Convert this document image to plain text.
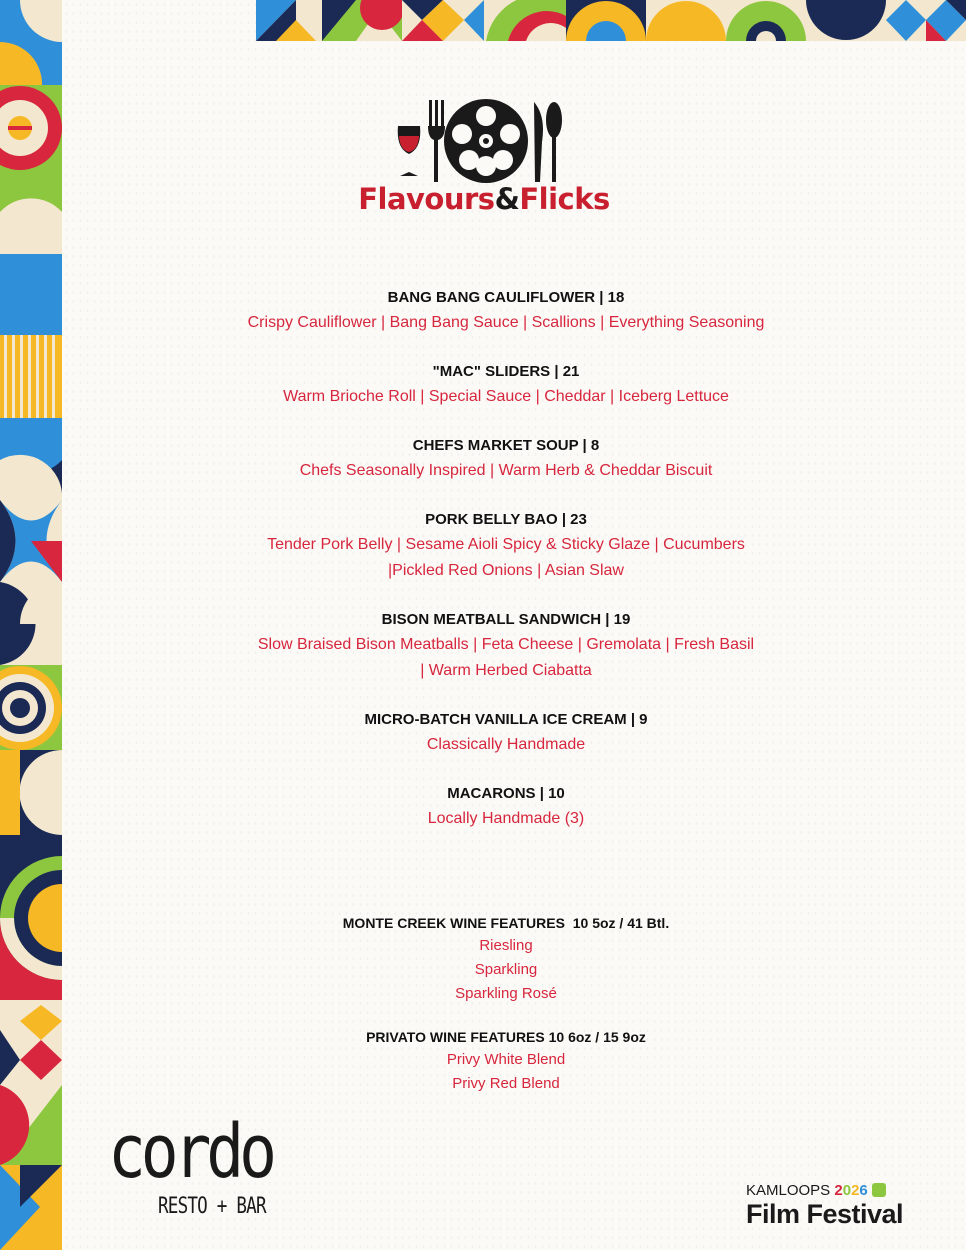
Flavours&Flicks
BANG BANG CAULIFLOWER | 18
Crispy Cauliflower | Bang Bang Sauce | Scallions | Everything Seasoning
"MAC" SLIDERS | 21
Warm Brioche Roll | Special Sauce | Cheddar | Iceberg Lettuce
CHEFS MARKET SOUP | 8
Chefs Seasonally Inspired | Warm Herb & Cheddar Biscuit
PORK BELLY BAO | 23
Tender Pork Belly | Sesame Aioli Spicy & Sticky Glaze | Cucumbers
|Pickled Red Onions | Asian Slaw
BISON MEATBALL SANDWICH | 19
Slow Braised Bison Meatballs | Feta Cheese | Gremolata | Fresh Basil
| Warm Herbed Ciabatta
MICRO-BATCH VANILLA ICE CREAM | 9
Classically Handmade
MACARONS | 10
Locally Handmade (3)
MONTE CREEK WINE FEATURES  10 5oz / 41 Btl.
Riesling
Sparkling
Sparkling Rosé
PRIVATO WINE FEATURES 10 6oz / 15 9oz
Privy White Blend
Privy Red Blend
cordo
RESTO + BAR
KAMLOOPS 2026
Film Festival
